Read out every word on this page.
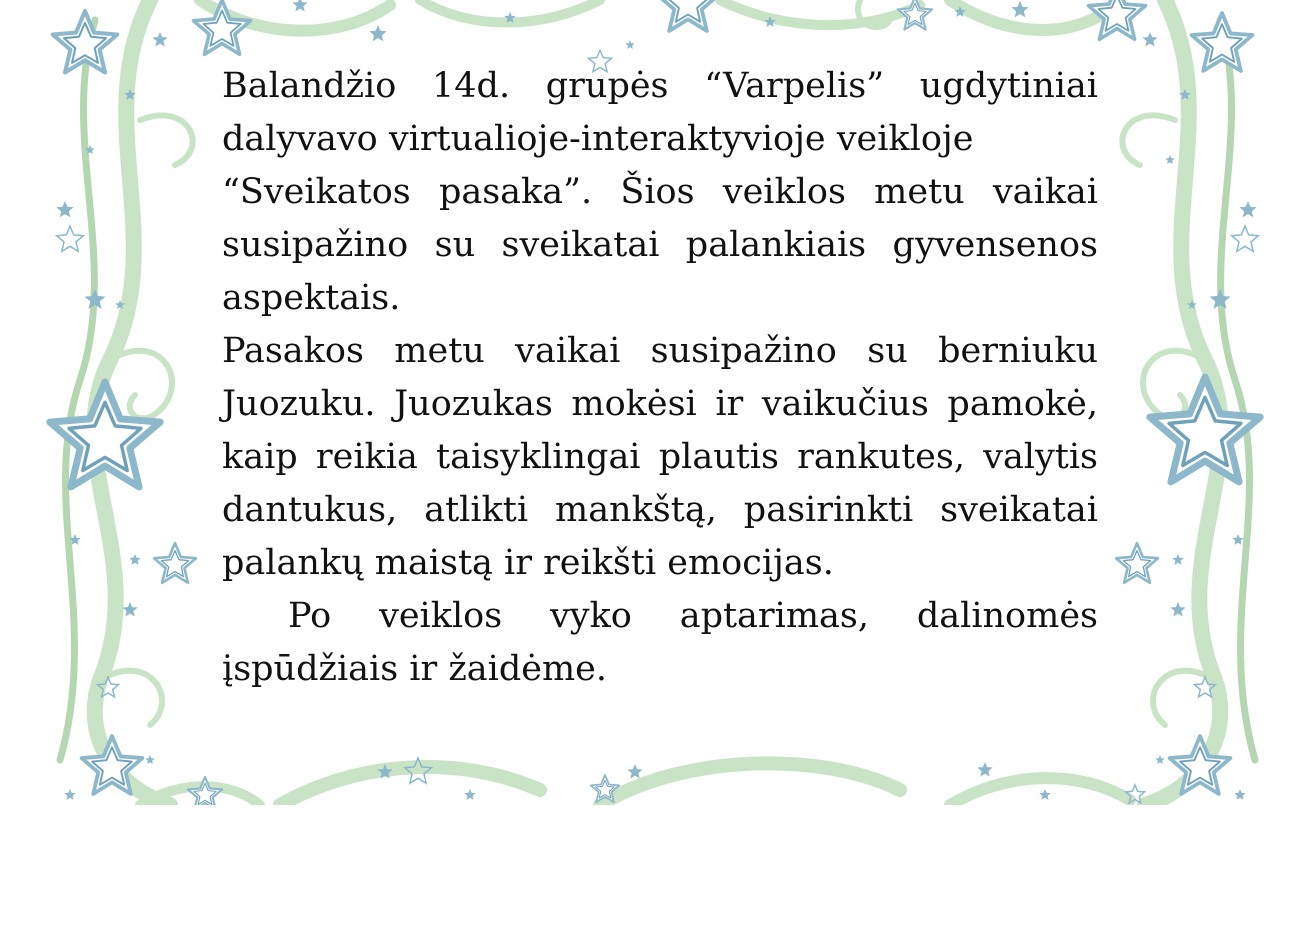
Balandžio 14d. grupės “Varpelis” ugdytiniai

dalyvavo virtualioje-interaktyvioje veikloje

“Sveikatos pasaka”. Šios veiklos metu vaikai susipažino su sveikatai palankiais gyvensenos aspektais.

Pasakos metu vaikai susipažino su berniuku Juozuku. Juozukas mokėsi ir vaikučius pamokė, kaip reikia taisyklingai plautis rankutes, valytis dantukus, atlikti mankštą, pasirinkti sveikatai palankų maistą ir reikšti emocijas.

Po veiklos vyko aptarimas, dalinomės įspūdžiais ir žaidėme.
